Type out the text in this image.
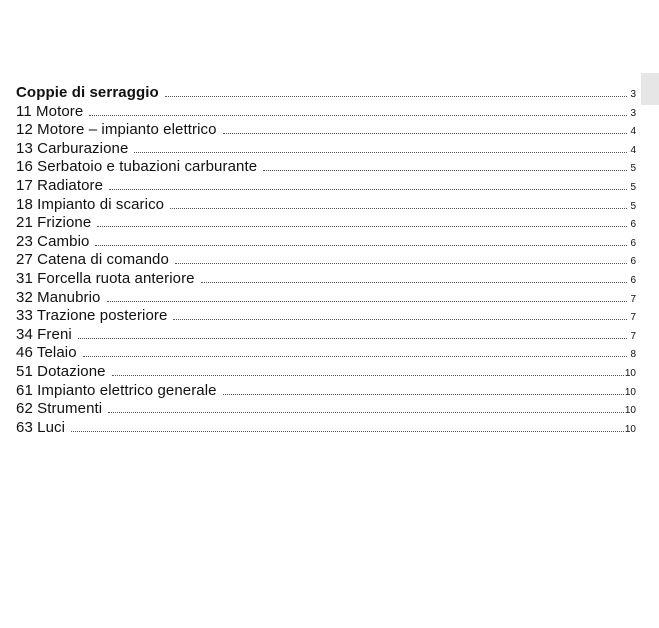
Coppie di serraggio	3
11 Motore	3
12 Motore – impianto elettrico	4
13 Carburazione	4
16 Serbatoio e tubazioni carburante	5
17 Radiatore	5
18 Impianto di scarico	5
21 Frizione	6
23 Cambio	6
27 Catena di comando	6
31 Forcella ruota anteriore	6
32 Manubrio	7
33 Trazione posteriore	7
34 Freni	7
46 Telaio	8
51 Dotazione	10
61 Impianto elettrico generale	10
62 Strumenti	10
63 Luci	10
